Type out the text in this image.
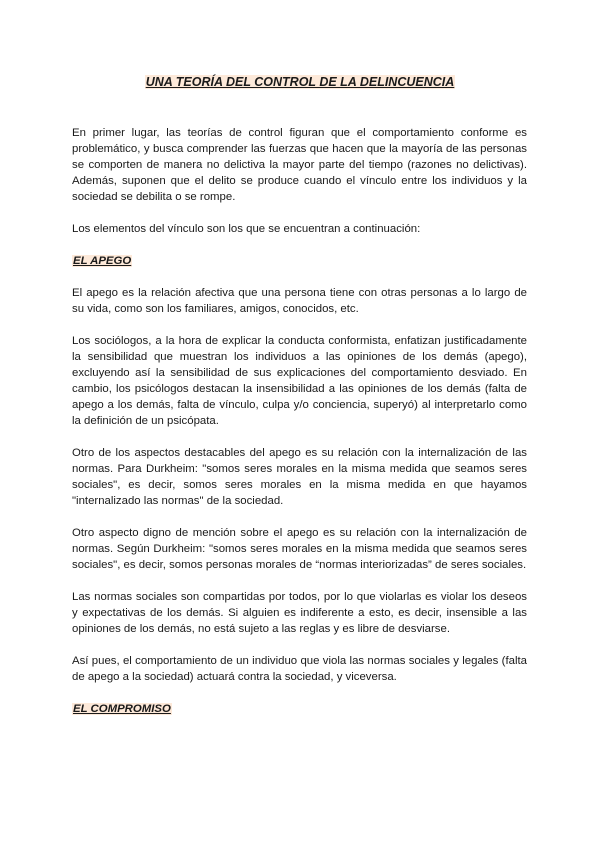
UNA TEORÍA DEL CONTROL DE LA DELINCUENCIA

En primer lugar, las teorías de control figuran que el comportamiento conforme es problemático, y busca comprender las fuerzas que hacen que la mayoría de las personas se comporten de manera no delictiva la mayor parte del tiempo (razones no delictivas). Además, suponen que el delito se produce cuando el vínculo entre los individuos y la sociedad se debilita o se rompe.

Los elementos del vínculo son los que se encuentran a continuación:

EL APEGO

El apego es la relación afectiva que una persona tiene con otras personas a lo largo de su vida, como son los familiares, amigos, conocidos, etc.

Los sociólogos, a la hora de explicar la conducta conformista, enfatizan justificadamente la sensibilidad que muestran los individuos a las opiniones de los demás (apego), excluyendo así la sensibilidad de sus explicaciones del comportamiento desviado. En cambio, los psicólogos destacan la insensibilidad a las opiniones de los demás (falta de apego a los demás, falta de vínculo, culpa y/o conciencia, superyó) al interpretarlo como la definición de un psicópata.

Otro de los aspectos destacables del apego es su relación con la internalización de las normas. Para Durkheim: "somos seres morales en la misma medida que seamos seres sociales", es decir, somos seres morales en la misma medida en que hayamos "internalizado las normas" de la sociedad.

Otro aspecto digno de mención sobre el apego es su relación con la internalización de normas. Según Durkheim: "somos seres morales en la misma medida que seamos seres sociales", es decir, somos personas morales de “normas interiorizadas” de seres sociales.

Las normas sociales son compartidas por todos, por lo que violarlas es violar los deseos y expectativas de los demás. Si alguien es indiferente a esto, es decir, insensible a las opiniones de los demás, no está sujeto a las reglas y es libre de desviarse.

Así pues, el comportamiento de un individuo que viola las normas sociales y legales (falta de apego a la sociedad) actuará contra la sociedad, y viceversa.

EL COMPROMISO
